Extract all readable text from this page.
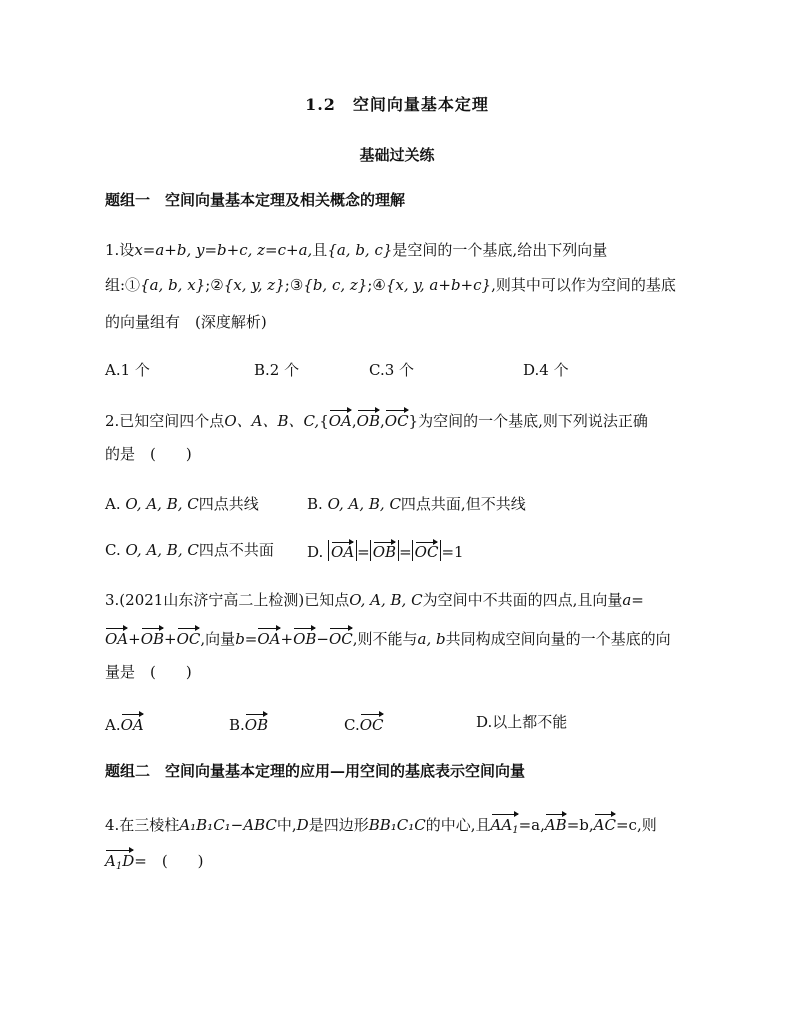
1.2　空间向量基本定理
基础过关练
题组一　空间向量基本定理及相关概念的理解
1.设x=a+b, y=b+c, z=c+a,且{a, b, c}是空间的一个基底,给出下列向量
组:①{a, b, x};②{x, y, z};③{b, c, z};④{x, y, a+b+c},则其中可以作为空间的基底
的向量组有　(深度解析)
A.1 个	B.2 个	C.3 个	D.4 个
2.已知空间四个点O、A、B、C,{OA,OB,OC}为空间的一个基底,则下列说法正确
的是　(　　)
A. O, A, B, C四点共线	B. O, A, B, C四点共面,但不共线
C. O, A, B, C四点不共面 D. OA = OB = OC =1
3.(2021山东济宁高二上检测)已知点O, A, B, C为空间中不共面的四点,且向量a=
OA+OB+OC,向量b=OA+OB−OC,则不能与a, b共同构成空间向量的一个基底的向
量是　(　　)
A.OA	B.OB	C.OC	D.以上都不能
题组二　空间向量基本定理的应用—用空间的基底表示空间向量
4.在三棱柱A₁B₁C₁−ABC中,D是四边形BB₁C₁C的中心,且$AA_1=a,AB=b,AC=c$,则
$A_1D=$　(　　)
